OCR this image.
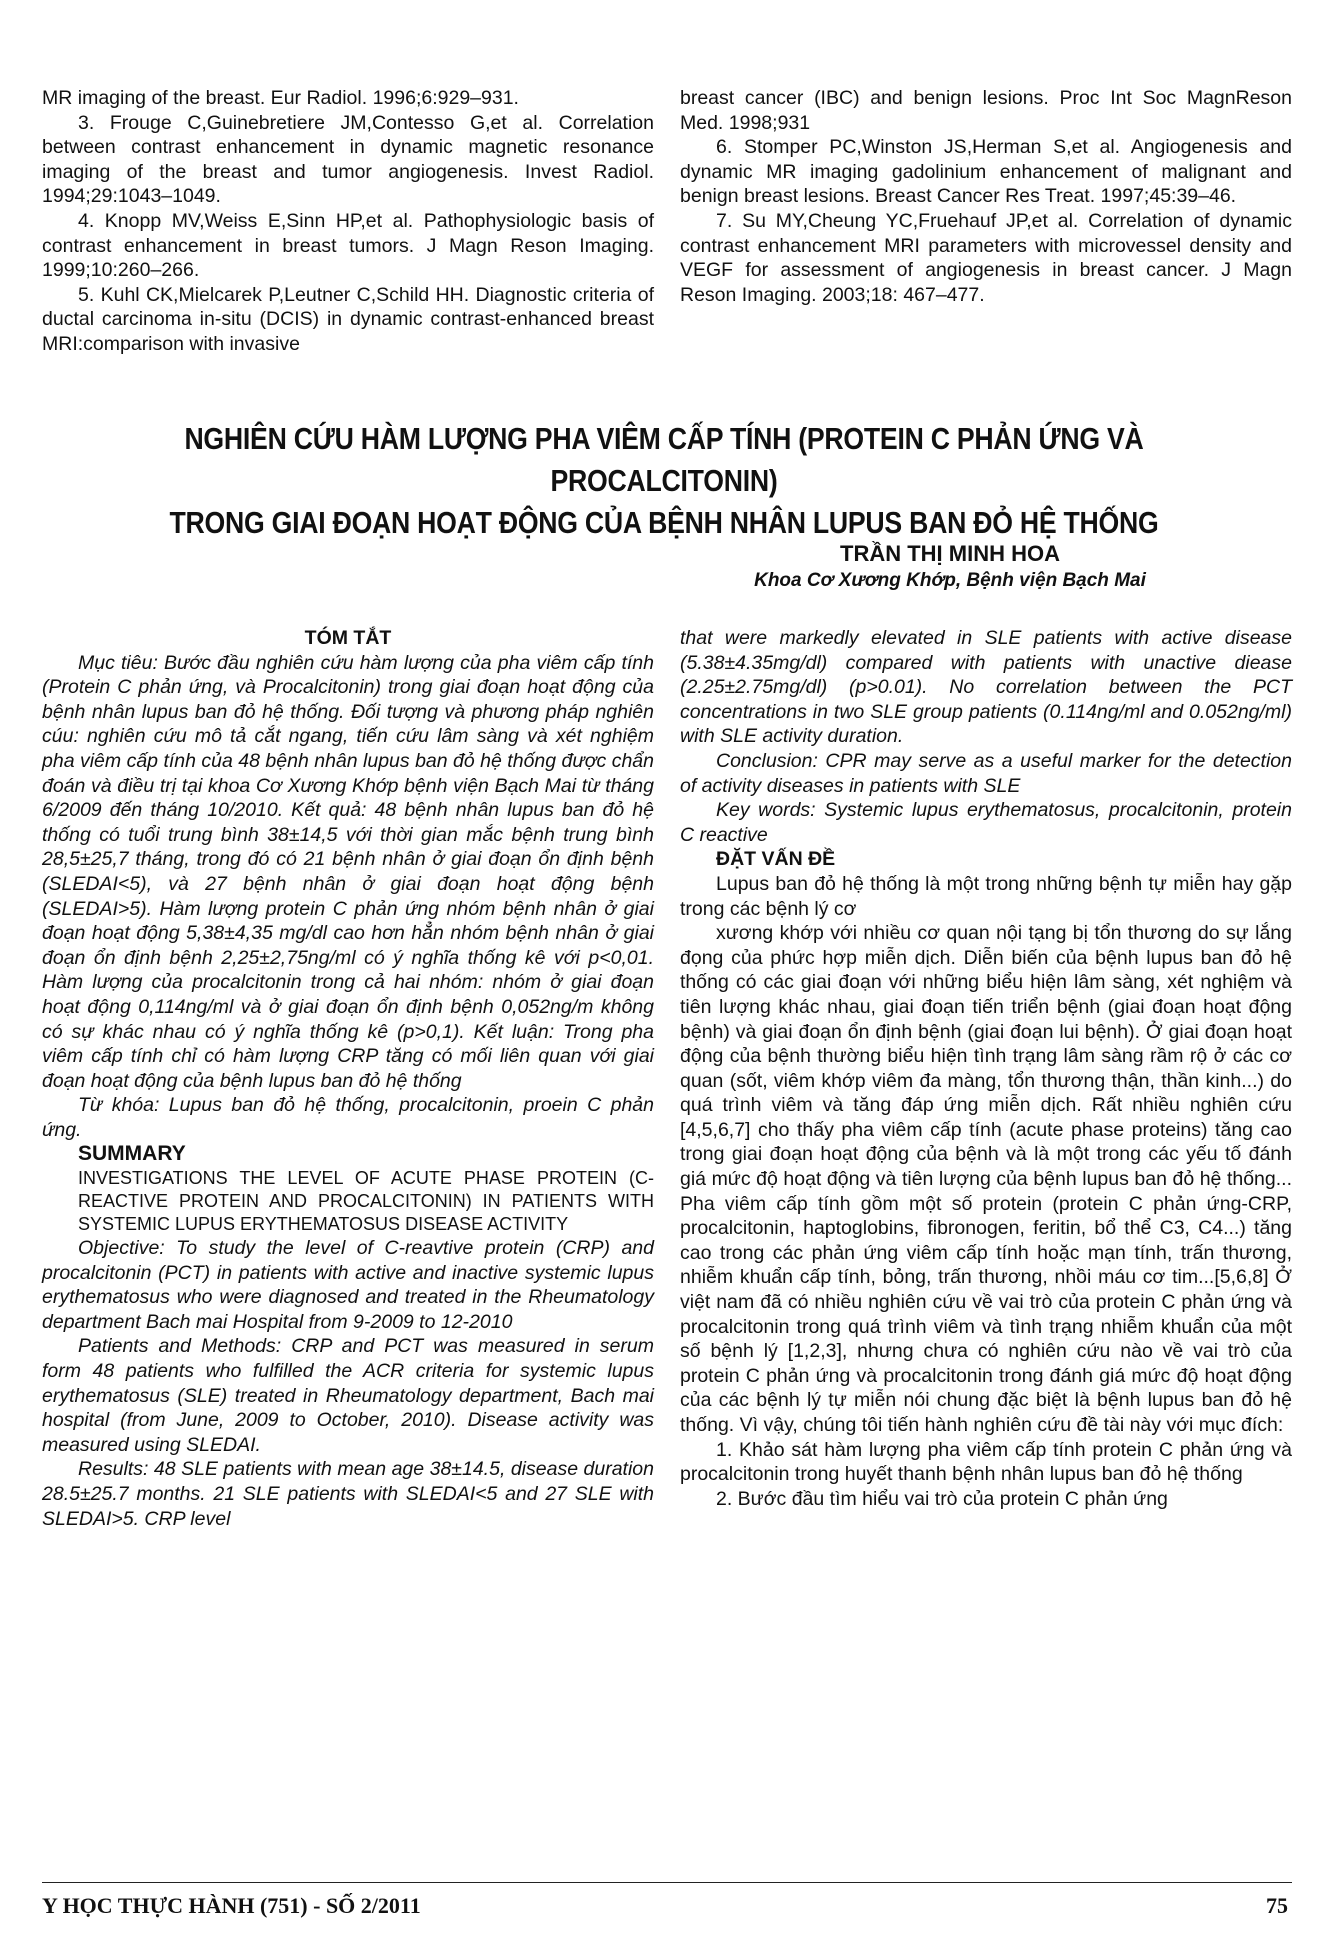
MR imaging of the breast. Eur Radiol. 1996;6:929–931.

3. Frouge C,Guinebretiere JM,Contesso G,et al. Correlation between contrast enhancement in dynamic magnetic resonance imaging of the breast and tumor angiogenesis. Invest Radiol. 1994;29:1043–1049.

4. Knopp MV,Weiss E,Sinn HP,et al. Pathophysiologic basis of contrast enhancement in breast tumors. J Magn Reson Imaging. 1999;10:260–266.

5. Kuhl CK,Mielcarek P,Leutner C,Schild HH. Diagnostic criteria of ductal carcinoma in-situ (DCIS) in dynamic contrast-enhanced breast MRI:comparison with invasive

breast cancer (IBC) and benign lesions. Proc Int Soc MagnReson Med. 1998;931

6. Stomper PC,Winston JS,Herman S,et al. Angiogenesis and dynamic MR imaging gadolinium enhancement of malignant and benign breast lesions. Breast Cancer Res Treat. 1997;45:39–46.

7. Su MY,Cheung YC,Fruehauf JP,et al. Correlation of dynamic contrast enhancement MRI parameters with microvessel density and VEGF for assessment of angiogenesis in breast cancer. J Magn Reson Imaging. 2003;18: 467–477.

NGHIÊN CỨU HÀM LƯỢNG PHA VIÊM CẤP TÍNH (PROTEIN C PHẢN ỨNG VÀ PROCALCITONIN)
TRONG GIAI ĐOẠN HOẠT ĐỘNG CỦA BỆNH NHÂN LUPUS BAN ĐỎ HỆ THỐNG
TRẦN THỊ MINH HOA
Khoa Cơ Xương Khớp, Bệnh viện Bạch Mai

TÓM TẮT

Mục tiêu: Bước đầu nghiên cứu hàm lượng của pha viêm cấp tính (Protein C phản ứng, và Procalcitonin) trong giai đoạn hoạt động của bệnh nhân lupus ban đỏ hệ thống. Đối tượng và phương pháp nghiên cúu: nghiên cứu mô tả cắt ngang, tiến cứu lâm sàng và xét nghiệm pha viêm cấp tính của 48 bệnh nhân lupus ban đỏ hệ thống được chẩn đoán và điều trị tại khoa Cơ Xương Khớp bệnh viện Bạch Mai từ tháng 6/2009 đến tháng 10/2010. Kết quả: 48 bệnh nhân lupus ban đỏ hệ thống có tuổi trung bình 38±14,5 với thời gian mắc bệnh trung bình 28,5±25,7 tháng, trong đó có 21 bệnh nhân ở giai đoạn ổn định bệnh (SLEDAI<5), và 27 bệnh nhân ở giai đoạn hoạt động bệnh (SLEDAI>5). Hàm lượng protein C phản ứng nhóm bệnh nhân ở giai đoạn hoạt động 5,38±4,35 mg/dl cao hơn hẳn nhóm bệnh nhân ở giai đoạn ổn định bệnh 2,25±2,75ng/ml có ý nghĩa thống kê với p<0,01. Hàm lượng của procalcitonin trong cả hai nhóm: nhóm ở giai đoạn hoạt động 0,114ng/ml và ở giai đoạn ổn định bệnh 0,052ng/m không có sự khác nhau có ý nghĩa thống kê (p>0,1). Kết luận: Trong pha viêm cấp tính chỉ có hàm lượng CRP tăng có mối liên quan với giai đoạn hoạt động của bệnh lupus ban đỏ hệ thống

Từ khóa: Lupus ban đỏ hệ thống, procalcitonin, proein C phản ứng.

SUMMARY

INVESTIGATIONS THE LEVEL OF ACUTE PHASE PROTEIN (C-REACTIVE PROTEIN AND PROCALCITONIN) IN PATIENTS WITH SYSTEMIC LUPUS ERYTHEMATOSUS DISEASE ACTIVITY

Objective: To study the level of C-reavtive protein (CRP) and procalcitonin (PCT) in patients with active and inactive systemic lupus erythematosus who were diagnosed and treated in the Rheumatology department Bach mai Hospital from 9-2009 to 12-2010

Patients and Methods: CRP and PCT was measured in serum form 48 patients who fulfilled the ACR criteria for systemic lupus erythematosus (SLE) treated in Rheumatology department, Bach mai hospital (from June, 2009 to October, 2010). Disease activity was measured using SLEDAI.

Results: 48 SLE patients with mean age 38±14.5, disease duration 28.5±25.7 months. 21 SLE patients with SLEDAI<5 and 27 SLE with SLEDAI>5. CRP level

that were markedly elevated in SLE patients with active disease (5.38±4.35mg/dl) compared with patients with unactive diease (2.25±2.75mg/dl) (p>0.01). No correlation between the PCT concentrations in two SLE group patients (0.114ng/ml and 0.052ng/ml) with SLE activity duration.

Conclusion: CPR may serve as a useful marker for the detection of activity diseases in patients with SLE

Key words: Systemic lupus erythematosus, procalcitonin, protein C reactive

ĐẶT VẤN ĐỀ

Lupus ban đỏ hệ thống là một trong những bệnh tự miễn hay gặp trong các bệnh lý cơ

xương khớp với nhiều cơ quan nội tạng bị tổn thương do sự lắng đọng của phức hợp miễn dịch. Diễn biến của bệnh lupus ban đỏ hệ thống có các giai đoạn với những biểu hiện lâm sàng, xét nghiệm và tiên lượng khác nhau, giai đoạn tiến triển bệnh (giai đoạn hoạt động bệnh) và giai đoạn ổn định bệnh (giai đoạn lui bệnh). Ở giai đoạn hoạt động của bệnh thường biểu hiện tình trạng lâm sàng rầm rộ ở các cơ quan (sốt, viêm khớp viêm đa màng, tổn thương thận, thần kinh...) do quá trình viêm và tăng đáp ứng miễn dịch. Rất nhiều nghiên cứu [4,5,6,7] cho thấy pha viêm cấp tính (acute phase proteins) tăng cao trong giai đoạn hoạt động của bệnh và là một trong các yếu tố đánh giá mức độ hoạt động và tiên lượng của bệnh lupus ban đỏ hệ thống... Pha viêm cấp tính gồm một số protein (protein C phản ứng-CRP, procalcitonin, haptoglobins, fibronogen, feritin, bổ thể C3, C4...) tăng cao trong các phản ứng viêm cấp tính hoặc mạn tính, trấn thương, nhiễm khuẩn cấp tính, bỏng, trấn thương, nhồi máu cơ tim...[5,6,8] Ở việt nam đã có nhiều nghiên cứu về vai trò của protein C phản ứng và procalcitonin trong quá trình viêm và tình trạng nhiễm khuẩn của một số bệnh lý [1,2,3], nhưng chưa có nghiên cứu nào về vai trò của protein C phản ứng và procalcitonin trong đánh giá mức độ hoạt động của các bệnh lý tự miễn nói chung đặc biệt là bệnh lupus ban đỏ hệ thống. Vì vậy, chúng tôi tiến hành nghiên cứu đề tài này với mục đích:

1. Khảo sát hàm lượng pha viêm cấp tính protein C phản ứng và procalcitonin trong huyết thanh bệnh nhân lupus ban đỏ hệ thống

2. Bước đầu tìm hiểu vai trò của protein C phản ứng

Y HỌC THỰC HÀNH (751) - SỐ 2/2011	75
